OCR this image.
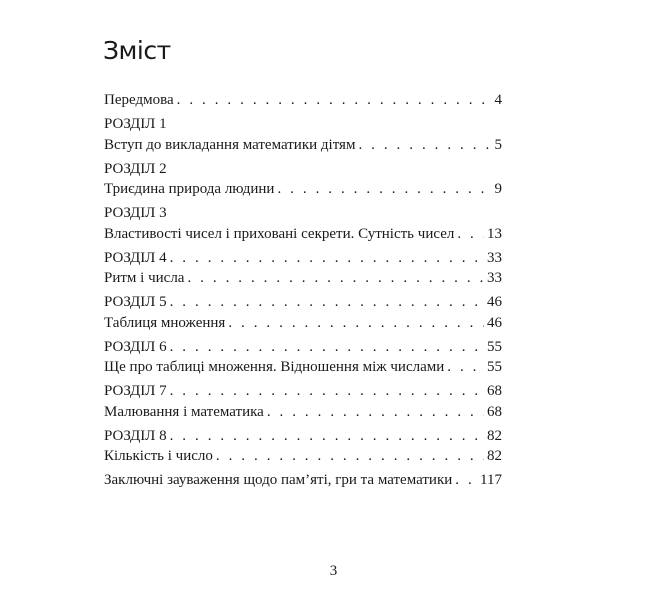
Зміст
Передмова . . .	4
РОЗДІЛ 1
Вступ до викладання математики дітям . . .	5
РОЗДІЛ 2
Триєдина природа людини . . .	9
РОЗДІЛ 3
Властивості чисел і приховані секрети. Сутність чисел . . . 13
РОЗДІЛ 4 . . .	33
Ритм і числа . . .	33
РОЗДІЛ 5 . . .	46
Таблиця множення . . .	46
РОЗДІЛ 6 . . .	55
Ще про таблиці множення. Відношення між числами . . .	55
РОЗДІЛ 7 . . .	68
Малювання і математика . . .	68
РОЗДІЛ 8 . . .	82
Кількість і число . . .	82
Заключні зауваження щодо пам’яті, гри та математики . . . 117
3
